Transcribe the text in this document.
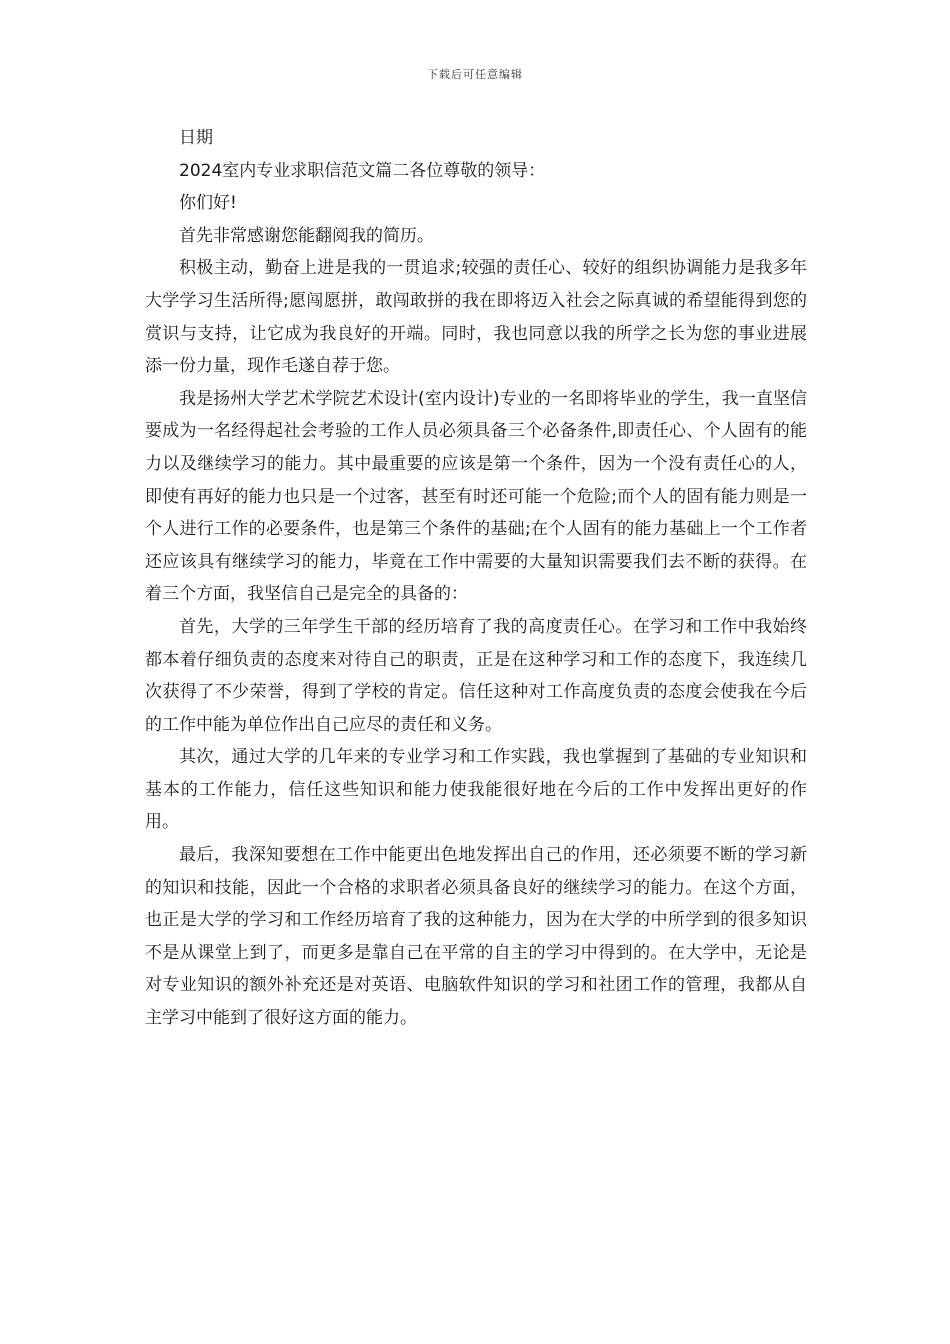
下载后可任意编辑

日期

2024室内专业求职信范文篇二各位尊敬的领导：

你们好!

首先非常感谢您能翻阅我的简历。

积极主动，勤奋上进是我的一贯追求;较强的责任心、较好的组织协调能力是我多年大学学习生活所得;愿闯愿拼，敢闯敢拼的我在即将迈入社会之际真诚的希望能得到您的赏识与支持，让它成为我良好的开端。同时，我也同意以我的所学之长为您的事业进展添一份力量，现作毛遂自荐于您。

我是扬州大学艺术学院艺术设计(室内设计)专业的一名即将毕业的学生，我一直坚信要成为一名经得起社会考验的工作人员必须具备三个必备条件,即责任心、个人固有的能力以及继续学习的能力。其中最重要的应该是第一个条件，因为一个没有责任心的人，即使有再好的能力也只是一个过客，甚至有时还可能一个危险;而个人的固有能力则是一个人进行工作的必要条件，也是第三个条件的基础;在个人固有的能力基础上一个工作者还应该具有继续学习的能力，毕竟在工作中需要的大量知识需要我们去不断的获得。在着三个方面，我坚信自己是完全的具备的：

首先，大学的三年学生干部的经历培育了我的高度责任心。在学习和工作中我始终都本着仔细负责的态度来对待自己的职责，正是在这种学习和工作的态度下，我连续几次获得了不少荣誉，得到了学校的肯定。信任这种对工作高度负责的态度会使我在今后的工作中能为单位作出自己应尽的责任和义务。

其次，通过大学的几年来的专业学习和工作实践，我也掌握到了基础的专业知识和基本的工作能力，信任这些知识和能力使我能很好地在今后的工作中发挥出更好的作用。

最后，我深知要想在工作中能更出色地发挥出自己的作用，还必须要不断的学习新的知识和技能，因此一个合格的求职者必须具备良好的继续学习的能力。在这个方面，也正是大学的学习和工作经历培育了我的这种能力，因为在大学的中所学到的很多知识不是从课堂上到了，而更多是靠自己在平常的自主的学习中得到的。在大学中，无论是对专业知识的额外补充还是对英语、电脑软件知识的学习和社团工作的管理，我都从自主学习中能到了很好这方面的能力。
